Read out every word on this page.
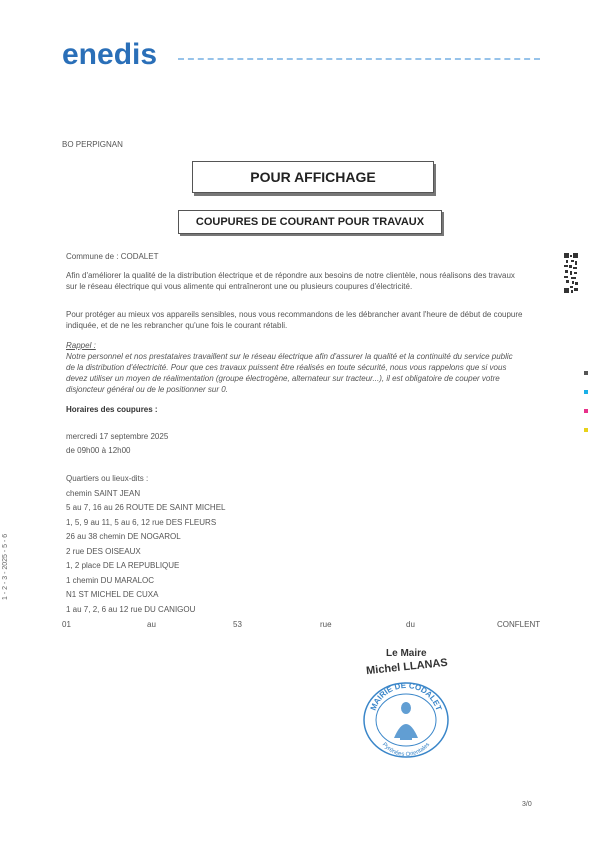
enedis
BO PERPIGNAN
POUR AFFICHAGE
COUPURES DE COURANT POUR TRAVAUX
Commune de : CODALET
Afin d'améliorer la qualité de la distribution électrique et de répondre aux besoins de notre clientèle, nous réalisons des travaux
sur le réseau électrique qui vous alimente qui entraîneront une ou plusieurs coupures d'électricité.
Pour protéger au mieux vos appareils sensibles, nous vous recommandons de les débrancher avant l'heure de début de coupure
indiquée, et de ne les rebrancher qu'une fois le courant rétabli.
Rappel :
Notre personnel et nos prestataires travaillent sur le réseau électrique afin d'assurer la qualité et la continuité du service public
de la distribution d'électricité. Pour que ces travaux puissent être réalisés en toute sécurité, nous vous rappelons que si vous
devez utiliser un moyen de réalimentation (groupe électrogène, alternateur sur tracteur...), il est obligatoire de couper votre
disjoncteur général ou de le positionner sur 0.
Horaires des coupures :
mercredi 17 septembre 2025
de 09h00 à 12h00
Quartiers ou lieux-dits :
chemin SAINT JEAN
5 au 7, 16 au 26 ROUTE DE SAINT MICHEL
1, 5, 9 au 11, 5 au 6, 12 rue DES FLEURS
26 au 38 chemin DE NOGAROL
2 rue DES OISEAUX
1, 2 place DE LA REPUBLIQUE
1 chemin DU MARALOC
N1 ST MICHEL DE CUXA
1 au 7, 2, 6 au 12 rue DU CANIGOU
01	au	53	rue	du	CONFLENT
1 - 2 - 3 - 2025 - 5 - 6
Le Maire
Michel LLANAS
MAIRIE DE CODALET
Pyrénées Orientales
3/0
